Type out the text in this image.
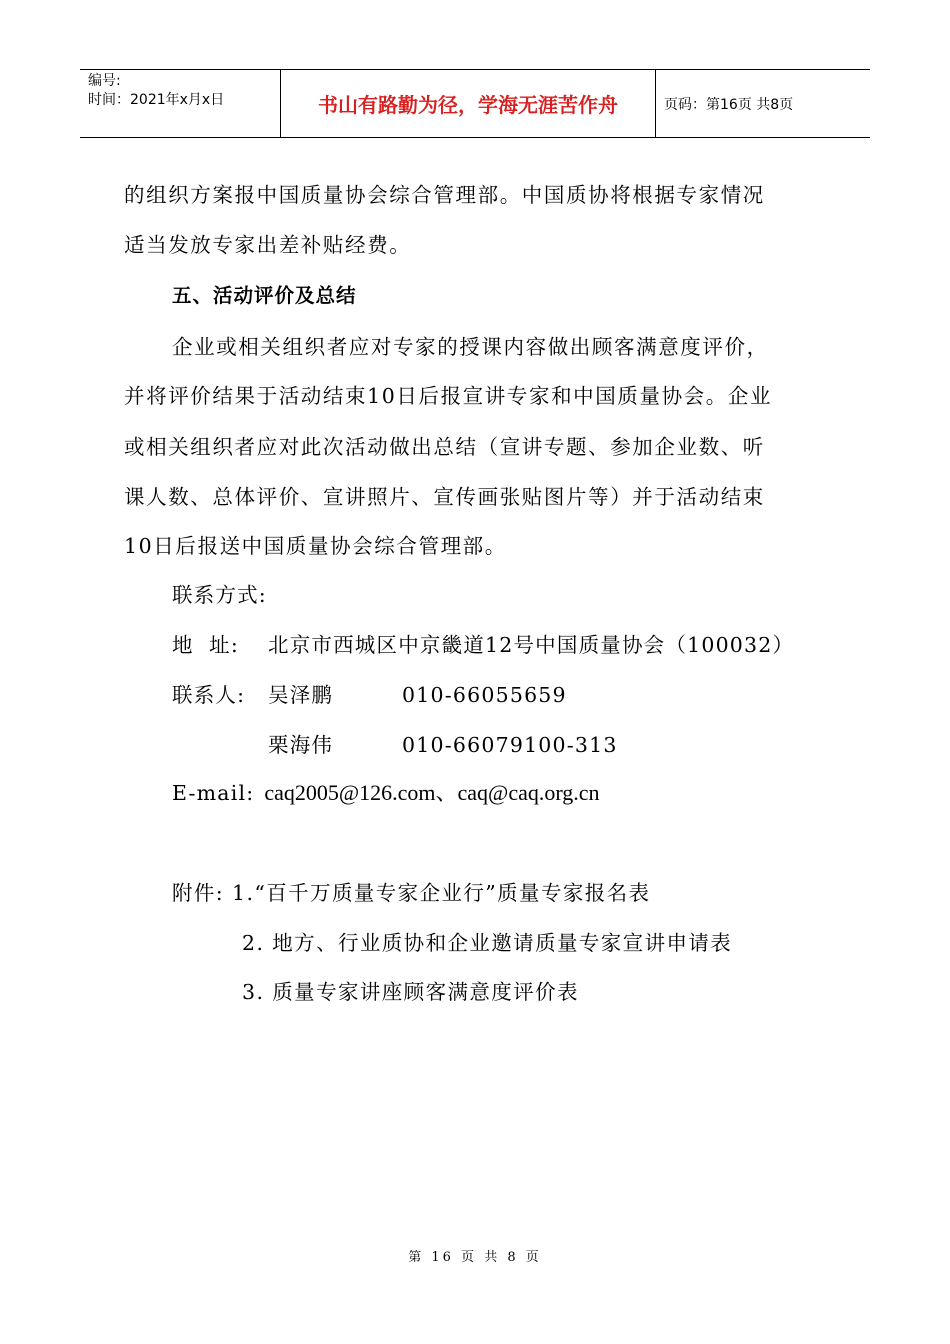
编号:
时间：2021年x月x日	书山有路勤为径，学海无涯苦作舟	页码：第16页 共8页
的组织方案报中国质量协会综合管理部。中国质协将根据专家情况
适当发放专家出差补贴经费。
五、活动评价及总结
企业或相关组织者应对专家的授课内容做出顾客满意度评价，
并将评价结果于活动结束10日后报宣讲专家和中国质量协会。企业
或相关组织者应对此次活动做出总结（宣讲专题、参加企业数、听
课人数、总体评价、宣讲照片、宣传画张贴图片等）并于活动结束
10日后报送中国质量协会综合管理部。
联系方式:
地  址: 北京市西城区中京畿道12号中国质量协会（100032）
联系人: 吴泽鹏	010-66055659
栗海伟	010-66079100-313
E-mail: caq2005@126.com、caq@caq.org.cn
附件: 1.“百千万质量专家企业行”质量专家报名表
2. 地方、行业质协和企业邀请质量专家宣讲申请表
3. 质量专家讲座顾客满意度评价表
第 16 页 共 8 页
